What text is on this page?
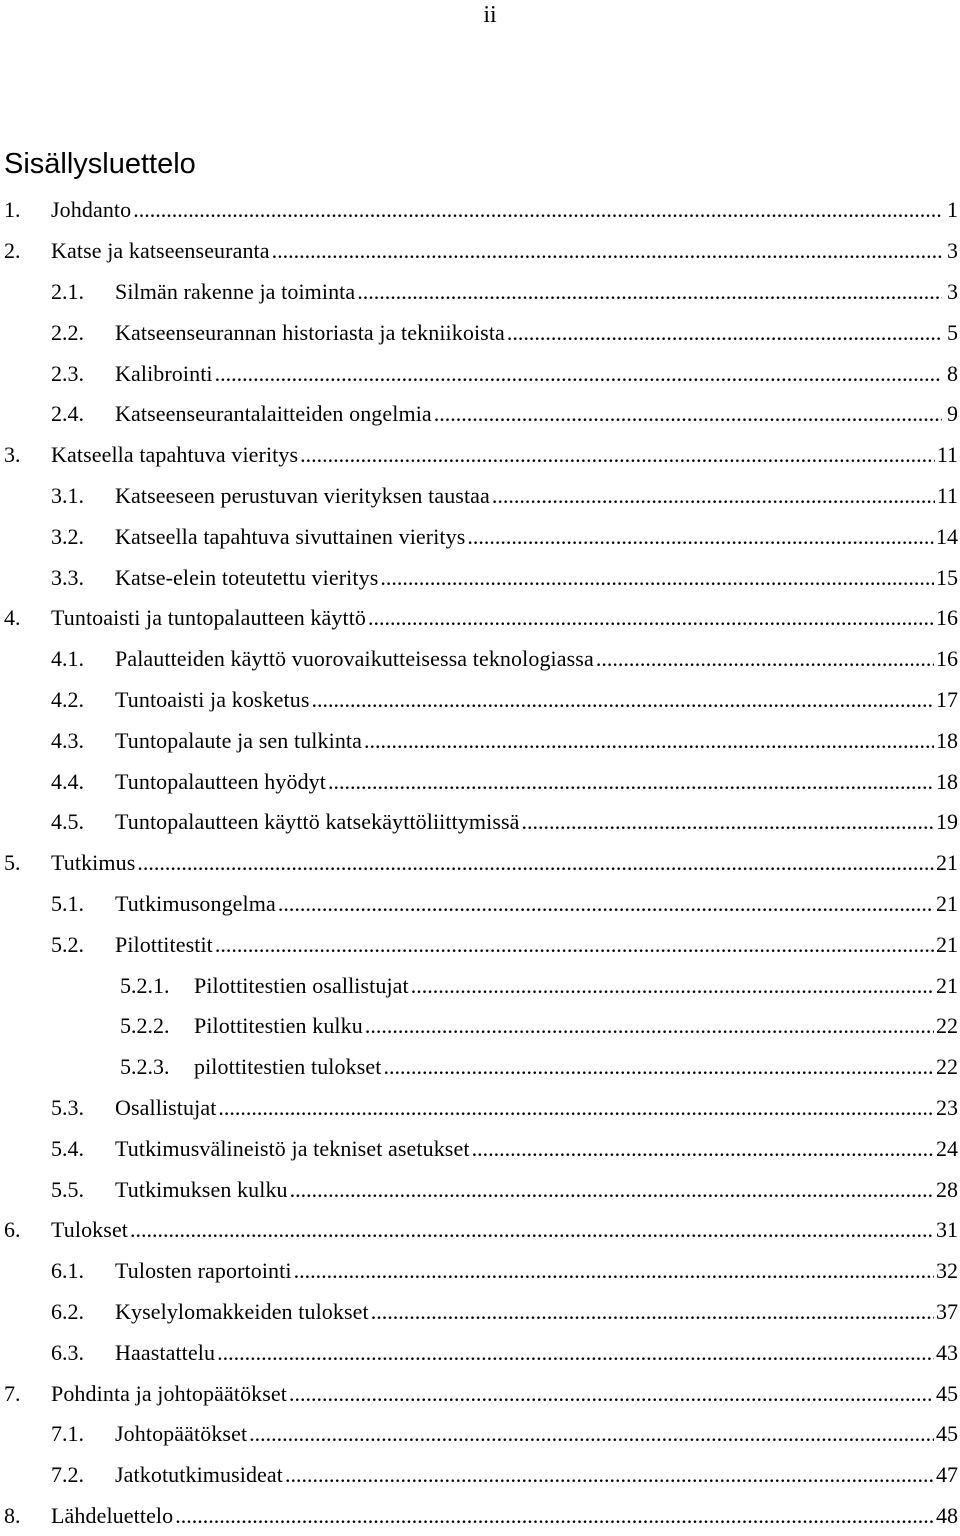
ii
Sisällysluettelo
1. Johdanto .....	1
2. Katse ja katseenseuranta .....	3
2.1. Silmän rakenne ja toiminta .....	3
2.2. Katseenseurannan historiasta ja tekniikoista .....	5
2.3. Kalibrointi .....	8
2.4. Katseenseurantalaitteiden ongelmia .....	9
3. Katseella tapahtuva vieritys .....	11
3.1. Katseeseen perustuvan vierityksen taustaa .....	11
3.2. Katseella tapahtuva sivuttainen vieritys .....	14
3.3. Katse-elein toteutettu vieritys .....	15
4. Tuntoaisti ja tuntopalautteen käyttö .....	16
4.1. Palautteiden käyttö vuorovaikutteisessa teknologiassa .....	16
4.2. Tuntoaisti ja kosketus .....	17
4.3. Tuntopalaute ja sen tulkinta .....	18
4.4. Tuntopalautteen hyödyt .....	18
4.5. Tuntopalautteen käyttö katsekäyttöliittymissä .....	19
5. Tutkimus .....	21
5.1. Tutkimusongelma .....	21
5.2. Pilottitestit .....	21
5.2.1. Pilottitestien osallistujat .....	21
5.2.2. Pilottitestien kulku .....	22
5.2.3. pilottitestien tulokset .....	22
5.3. Osallistujat .....	23
5.4. Tutkimusvälineistö ja tekniset asetukset .....	24
5.5. Tutkimuksen kulku .....	28
6. Tulokset .....	31
6.1. Tulosten raportointi .....	32
6.2. Kyselylomakkeiden tulokset .....	37
6.3. Haastattelu .....	43
7. Pohdinta ja johtopäätökset .....	45
7.1. Johtopäätökset .....	45
7.2. Jatkotutkimusideat .....	47
8. Lähdeluettelo .....	48
